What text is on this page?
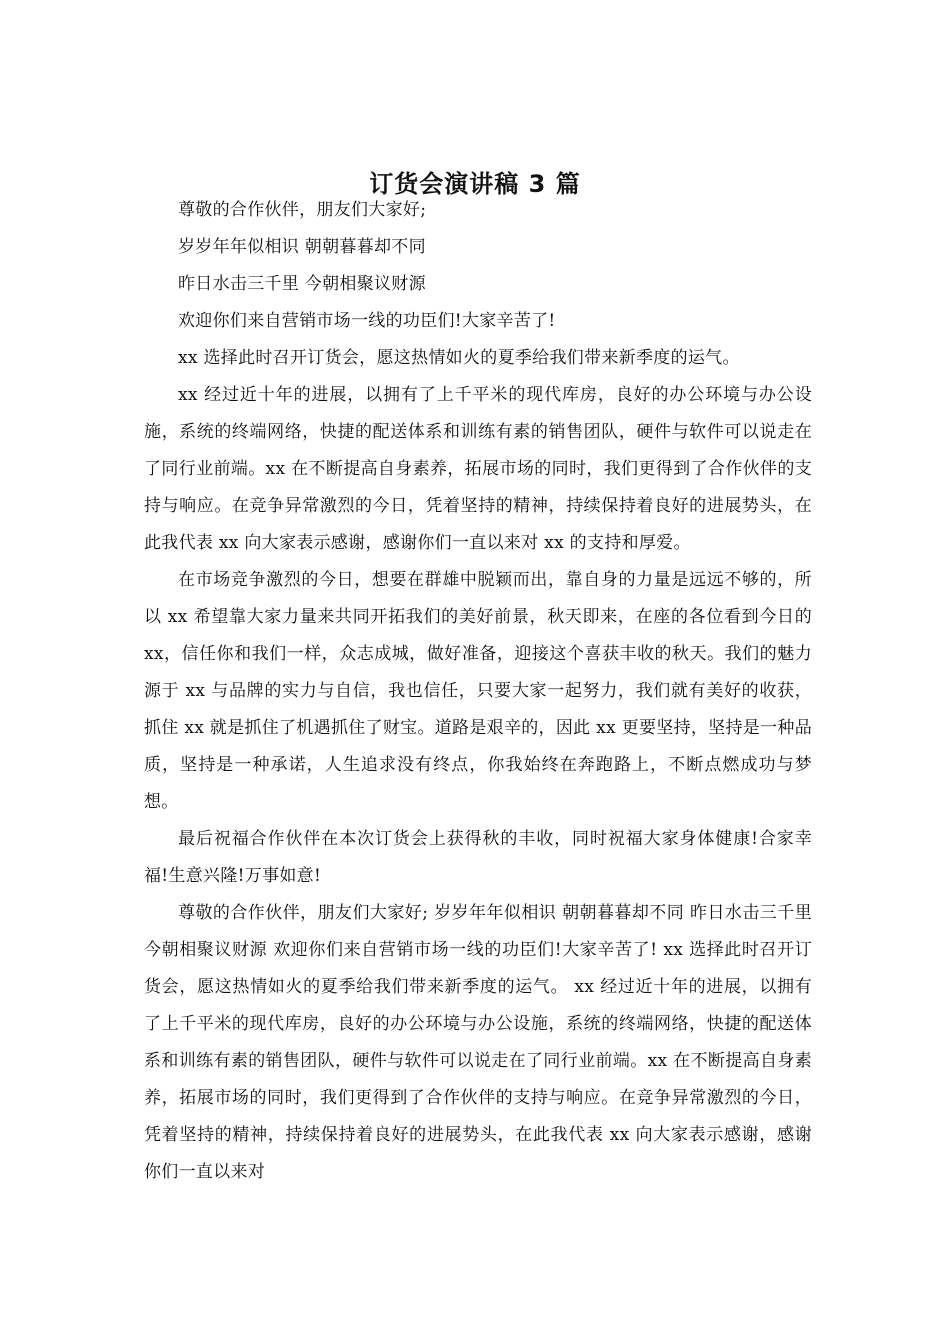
订货会演讲稿 3 篇

尊敬的合作伙伴，朋友们大家好;

岁岁年年似相识 朝朝暮暮却不同

昨日水击三千里 今朝相聚议财源

欢迎你们来自营销市场一线的功臣们!大家辛苦了!

xx 选择此时召开订货会，愿这热情如火的夏季给我们带来新季度的运气。

xx 经过近十年的进展，以拥有了上千平米的现代库房，良好的办公环境与办公设施，系统的终端网络，快捷的配送体系和训练有素的销售团队，硬件与软件可以说走在了同行业前端。xx 在不断提高自身素养，拓展市场的同时，我们更得到了合作伙伴的支持与响应。在竞争异常激烈的今日，凭着坚持的精神，持续保持着良好的进展势头，在此我代表 xx 向大家表示感谢，感谢你们一直以来对 xx 的支持和厚爱。

在市场竞争激烈的今日，想要在群雄中脱颖而出，靠自身的力量是远远不够的，所以 xx 希望靠大家力量来共同开拓我们的美好前景，秋天即来，在座的各位看到今日的 xx，信任你和我们一样，众志成城，做好准备，迎接这个喜获丰收的秋天。我们的魅力源于 xx 与品牌的实力与自信，我也信任，只要大家一起努力，我们就有美好的收获，抓住 xx 就是抓住了机遇抓住了财宝。道路是艰辛的，因此 xx 更要坚持，坚持是一种品质，坚持是一种承诺，人生追求没有终点，你我始终在奔跑路上，不断点燃成功与梦想。

最后祝福合作伙伴在本次订货会上获得秋的丰收，同时祝福大家身体健康!合家幸福!生意兴隆!万事如意!

尊敬的合作伙伴，朋友们大家好; 岁岁年年似相识 朝朝暮暮却不同 昨日水击三千里 今朝相聚议财源 欢迎你们来自营销市场一线的功臣们!大家辛苦了! xx 选择此时召开订货会，愿这热情如火的夏季给我们带来新季度的运气。 xx 经过近十年的进展，以拥有了上千平米的现代库房，良好的办公环境与办公设施，系统的终端网络，快捷的配送体系和训练有素的销售团队，硬件与软件可以说走在了同行业前端。xx 在不断提高自身素养，拓展市场的同时，我们更得到了合作伙伴的支持与响应。在竞争异常激烈的今日，凭着坚持的精神，持续保持着良好的进展势头，在此我代表 xx 向大家表示感谢，感谢你们一直以来对
